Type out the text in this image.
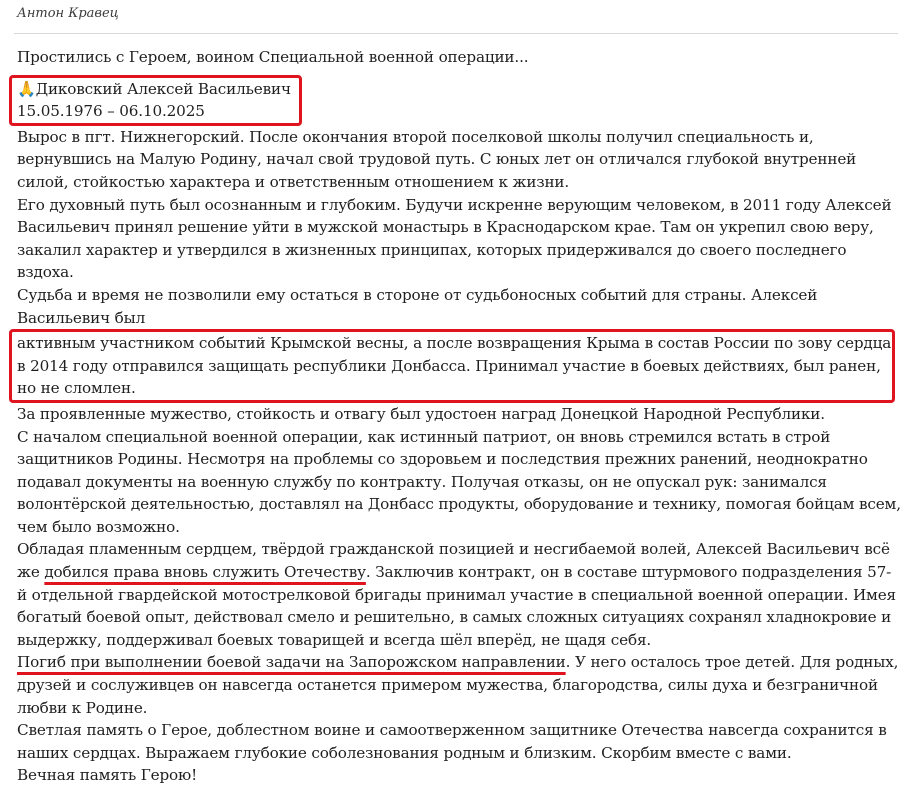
Антон Кравец

Простились с Героем, воином Специальной военной операции...

🙏Диковский Алексей Васильевич
15.05.1976 – 06.10.2025

Вырос в пгт. Нижнегорский. После окончания второй поселковой школы получил специальность и, вернувшись на Малую Родину, начал свой трудовой путь. С юных лет он отличался глубокой внутренней силой, стойкостью характера и ответственным отношением к жизни.

Его духовный путь был осознанным и глубоким. Будучи искренне верующим человеком, в 2011 году Алексей Васильевич принял решение уйти в мужской монастырь в Краснодарском крае. Там он укрепил свою веру, закалил характер и утвердился в жизненных принципах, которых придерживался до своего последнего вздоха.

Судьба и время не позволили ему остаться в стороне от судьбоносных событий для страны. Алексей Васильевич был

активным участником событий Крымской весны, а после возвращения Крыма в состав России по зову сердца в 2014 году отправился защищать республики Донбасса. Принимал участие в боевых действиях, был ранен, но не сломлен.

За проявленные мужество, стойкость и отвагу был удостоен наград Донецкой Народной Республики.

С началом специальной военной операции, как истинный патриот, он вновь стремился встать в строй защитников Родины. Несмотря на проблемы со здоровьем и последствия прежних ранений, неоднократно подавал документы на военную службу по контракту. Получая отказы, он не опускал рук: занимался волонтёрской деятельностью, доставлял на Донбасс продукты, оборудование и технику, помогая бойцам всем, чем было возможно.

Обладая пламенным сердцем, твёрдой гражданской позицией и несгибаемой волей, Алексей Васильевич всё же добился права вновь служить Отечеству. Заключив контракт, он в составе штурмового подразделения 57-й отдельной гвардейской мотострелковой бригады принимал участие в специальной военной операции. Имея богатый боевой опыт, действовал смело и решительно, в самых сложных ситуациях сохранял хладнокровие и выдержку, поддерживал боевых товарищей и всегда шёл вперёд, не щадя себя.

Погиб при выполнении боевой задачи на Запорожском направлении. У него осталось трое детей. Для родных, друзей и сослуживцев он навсегда останется примером мужества, благородства, силы духа и безграничной любви к Родине.

Светлая память о Герое, доблестном воине и самоотверженном защитнике Отечества навсегда сохранится в наших сердцах. Выражаем глубокие соболезнования родным и близким. Скорбим вместе с вами.

Вечная память Герою!
